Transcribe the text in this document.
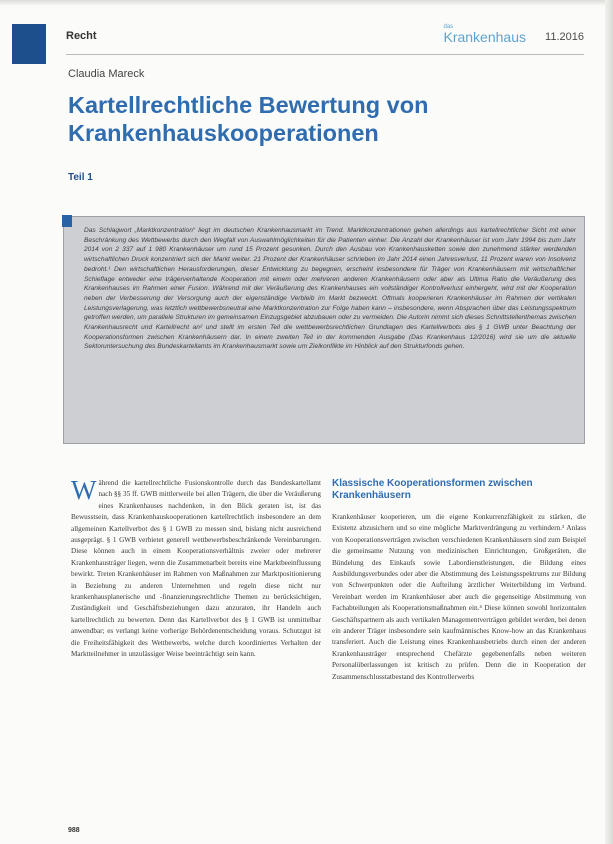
Recht
das
Krankenhaus 11.2016
Claudia Mareck
Kartellrechtliche Bewertung von Krankenhauskooperationen
Teil 1

Das Schlagwort „Marktkonzentration“ liegt im deutschen Krankenhausmarkt im Trend. Marktkonzentrationen gehen allerdings aus kartellrechtlicher Sicht mit einer Beschränkung des Wettbewerbs durch den Wegfall von Auswahlmöglichkeiten für die Patienten einher. Die Anzahl der Krankenhäuser ist vom Jahr 1994 bis zum Jahr 2014 von 2 337 auf 1 980 Krankenhäuser um rund 15 Prozent gesunken. Durch den Ausbau von Krankenhausketten sowie den zunehmend stärker werdenden wirtschaftlichen Druck konzentriert sich der Markt weiter. 21 Prozent der Krankenhäuser schrieben im Jahr 2014 einen Jahresverlust, 11 Prozent waren von Insolvenz bedroht.¹ Den wirtschaftlichen Herausforderungen, dieser Entwicklung zu begegnen, erscheint insbesondere für Träger von Krankenhäusern mit wirtschaftlicher Schieflage entweder eine trägerverhaltende Kooperation mit einem oder mehreren anderen Krankenhäusern oder aber als Ultima Ratio die Veräußerung des Krankenhauses im Rahmen einer Fusion. Während mit der Veräußerung des Krankenhauses ein vollständiger Kontrollverlust einhergeht, wird mit der Kooperation neben der Verbesserung der Versorgung auch der eigenständige Verbleib im Markt bezweckt. Oftmals kooperieren Krankenhäuser im Rahmen der vertikalen Leistungsverlagerung, was letztlich wettbewerbsneutral eine Marktkonzentration zur Folge haben kann – insbesondere, wenn Absprachen über das Leistungsspektrum getroffen werden, um parallele Strukturen im gemeinsamen Einzugsgebiet abzubauen oder zu vermeiden. Die Autorin nimmt sich dieses Schnittstellenthemas zwischen Krankenhausrecht und Kartellrecht an² und stellt im ersten Teil die wettbewerbsrechtlichen Grundlagen des Kartellverbots des § 1 GWB unter Beachtung der Kooperationsformen zwischen Krankenhäusern dar. In einem zweiten Teil in der kommenden Ausgabe (Das Krankenhaus 12/2016) wird sie um die aktuelle Sektoruntersuchung des Bundeskartellamts im Krankenhausmarkt sowie um Zielkonflikte im Hinblick auf den Strukturfonds gehen.

W ährend die kartellrechtliche Fusionskontrolle durch das Bundeskartellamt nach §§ 35 ff. GWB mittlerweile bei allen Trägern, die über die Veräußerung eines Krankenhauses nachdenken, in den Blick geraten ist, ist das Bewusstsein, dass Krankenhauskooperationen kartellrechtlich insbesondere an dem allgemeinen Kartellverbot des § 1 GWB zu messen sind, bislang nicht ausreichend ausgeprägt. § 1 GWB verbietet generell wettbewerbsbeschränkende Vereinbarungen. Diese können auch in einem Kooperationsverhältnis zweier oder mehrerer Krankenhausträger liegen, wenn die Zusammenarbeit bereits eine Marktbeeinflussung bewirkt. Treten Krankenhäuser im Rahmen von Maßnahmen zur Marktpositionierung in Beziehung zu anderen Unternehmen und regeln diese nicht nur krankenhausplanerische und -finanzierungsrechtliche Themen zu berücksichtigen, Zuständigkeit und Geschäftsbeziehungen dazu anzuraten, ihr Handeln auch kartellrechtlich zu bewerten. Denn das Kartellverbot des § 1 GWB ist unmittelbar anwendbar; es verlangt keine vorherige Behördenentscheidung voraus. Schutzgut ist die Freiheitsfähigkeit des Wettbewerbs, welche durch koordiniertes Verhalten der Marktteilnehmer in unzulässiger Weise beeinträchtigt sein kann.

Klassische Kooperationsformen zwischen Krankenhäusern

Krankenhäuser kooperieren, um die eigene Konkurrenzfähigkeit zu stärken, die Existenz abzusichern und so eine mögliche Marktverdrängung zu verhindern.³ Anlass von Kooperationsverträgen zwischen verschiedenen Krankenhäusern sind zum Beispiel die gemeinsame Nutzung von medizinischen Einrichtungen, Großgeräten, die Bündelung des Einkaufs sowie Labordienstleistungen, die Bildung eines Ausbildungsverbundes oder aber die Abstimmung des Leistungsspektrums zur Bildung von Schwerpunkten oder die Aufteilung ärztlicher Weiterbildung im Verbund. Vereinbart werden im Krankenhäuser aber auch die gegenseitige Abstimmung von Fachabteilungen als Kooperationsmaßnahmen ein.⁴ Diese können sowohl horizontalen Geschäftspartnern als auch vertikalen Managementverträgen gebildet werden, bei denen ein anderer Träger insbesondere sein kaufmännisches Know-how an das Krankenhaus transferiert. Auch die Leistung eines Krankenhausbetriebs durch einen der anderen Krankenhausträger entsprechend Chefärzte gegebenenfalls neben weiteren Personalüberlassungen ist kritisch zu prüfen. Denn die in Kooperation der Zusammenschlusstatbestand des Kontrollerwerbs

988
